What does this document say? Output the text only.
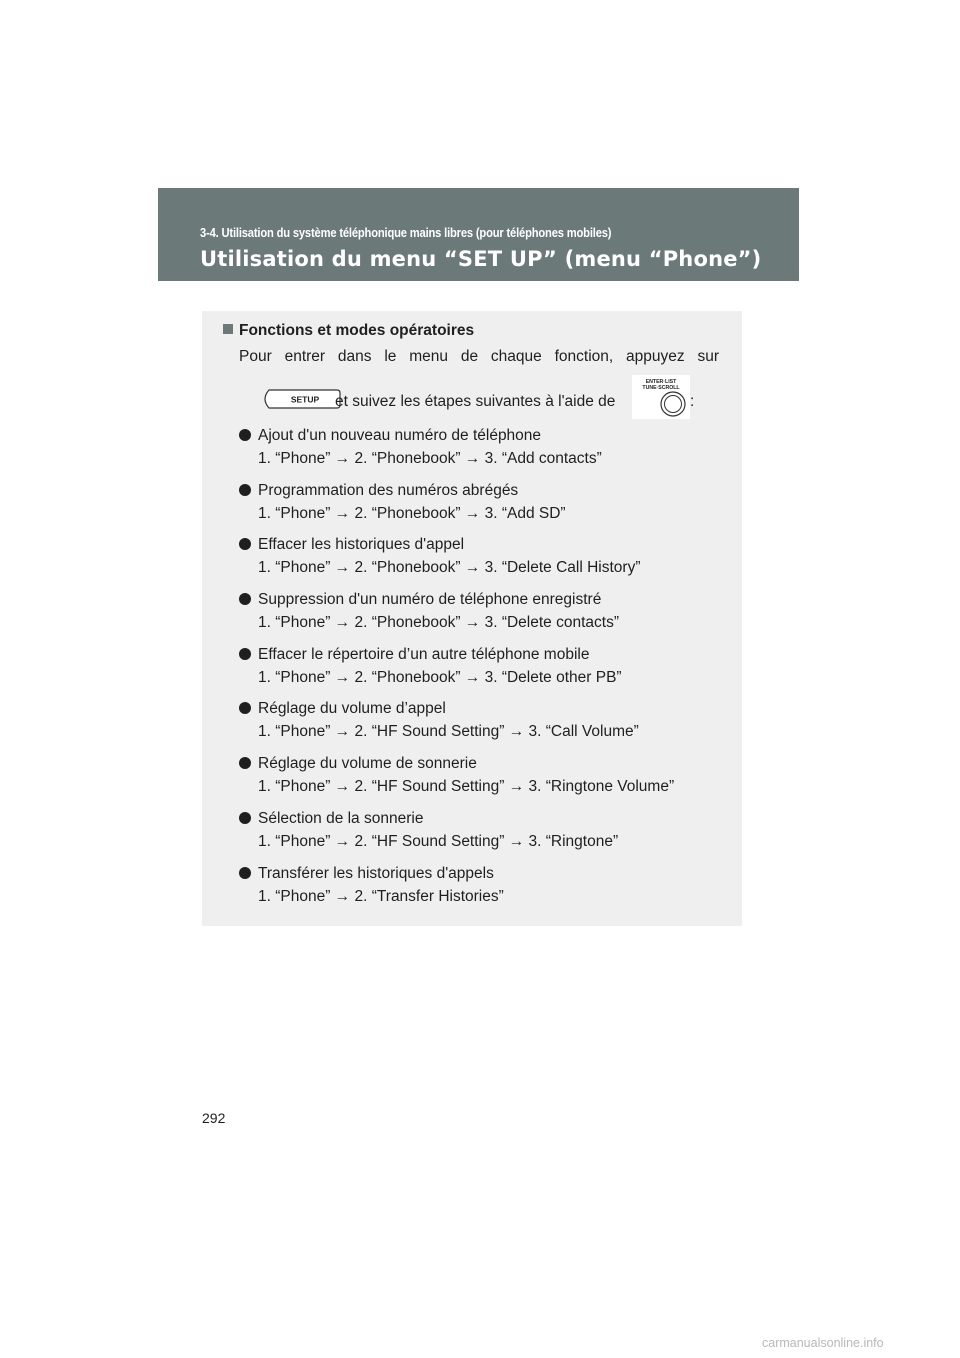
3-4. Utilisation du système téléphonique mains libres (pour téléphones mobiles)
Utilisation du menu “SET UP” (menu “Phone”)
Fonctions et modes opératoires
Pour entrer dans le menu de chaque fonction, appuyez sur
SETUP et suivez les étapes suivantes à l'aide de
ENTER·LIST
TUNE·SCROLL
:
Ajout d'un nouveau numéro de téléphone
1. “Phone” → 2. “Phonebook” → 3. “Add contacts”
Programmation des numéros abrégés
1. “Phone” → 2. “Phonebook” → 3. “Add SD”
Effacer les historiques d'appel
1. “Phone” → 2. “Phonebook” → 3. “Delete Call History”
Suppression d'un numéro de téléphone enregistré
1. “Phone” → 2. “Phonebook” → 3. “Delete contacts”
Effacer le répertoire d’un autre téléphone mobile
1. “Phone” → 2. “Phonebook” → 3. “Delete other PB”
Réglage du volume d’appel
1. “Phone” → 2. “HF Sound Setting” → 3. “Call Volume”
Réglage du volume de sonnerie
1. “Phone” → 2. “HF Sound Setting” → 3. “Ringtone Volume”
Sélection de la sonnerie
1. “Phone” → 2. “HF Sound Setting” → 3. “Ringtone”
Transférer les historiques d'appels
1. “Phone” → 2. “Transfer Histories”
292
carmanualsonline.info
